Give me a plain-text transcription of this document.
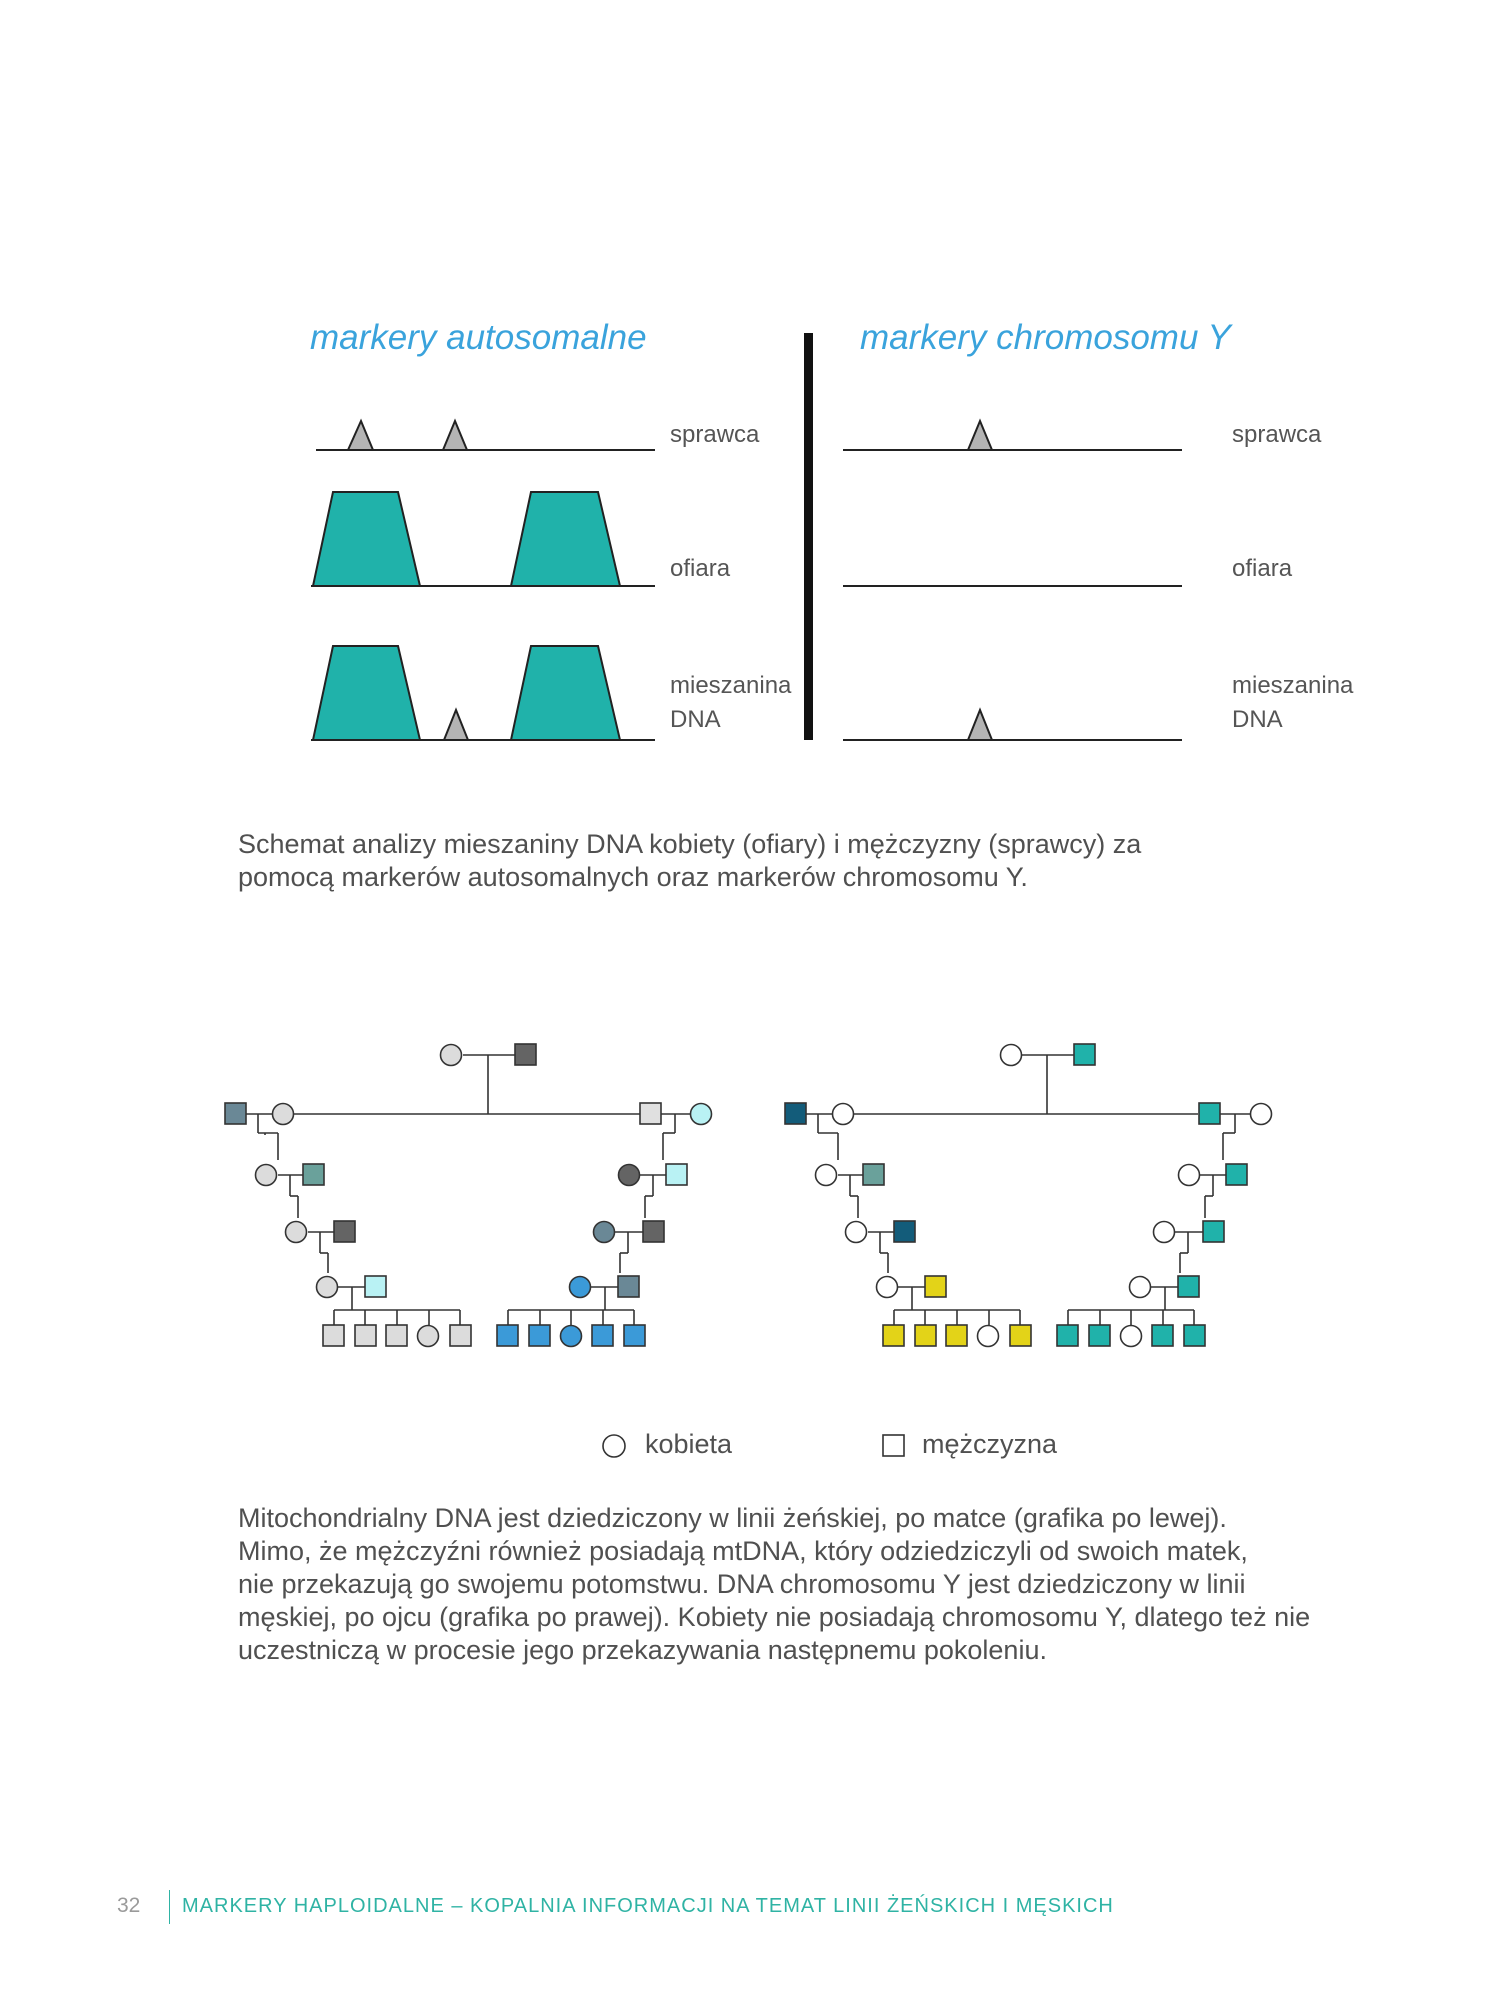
markery autosomalne	markery chromosomu Y
sprawca
ofiara
mieszanina
DNA
sprawca
ofiara
mieszanina
DNA
Schemat analizy mieszaniny DNA kobiety (ofiary) i mężczyzny (sprawcy) za
pomocą markerów autosomalnych oraz markerów chromosomu Y.
kobieta	mężczyzna
Mitochondrialny DNA jest dziedziczony w linii żeńskiej, po matce (grafika po lewej).
Mimo, że mężczyźni również posiadają mtDNA, który odziedziczyli od swoich matek,
nie przekazują go swojemu potomstwu. DNA chromosomu Y jest dziedziczony w linii
męskiej, po ojcu (grafika po prawej). Kobiety nie posiadają chromosomu Y, dlatego też nie
uczestniczą w procesie jego przekazywania następnemu pokoleniu.
32 MARKERY HAPLOIDALNE – KOPALNIA INFORMACJI NA TEMAT LINII ŻEŃSKICH I MĘSKICH
